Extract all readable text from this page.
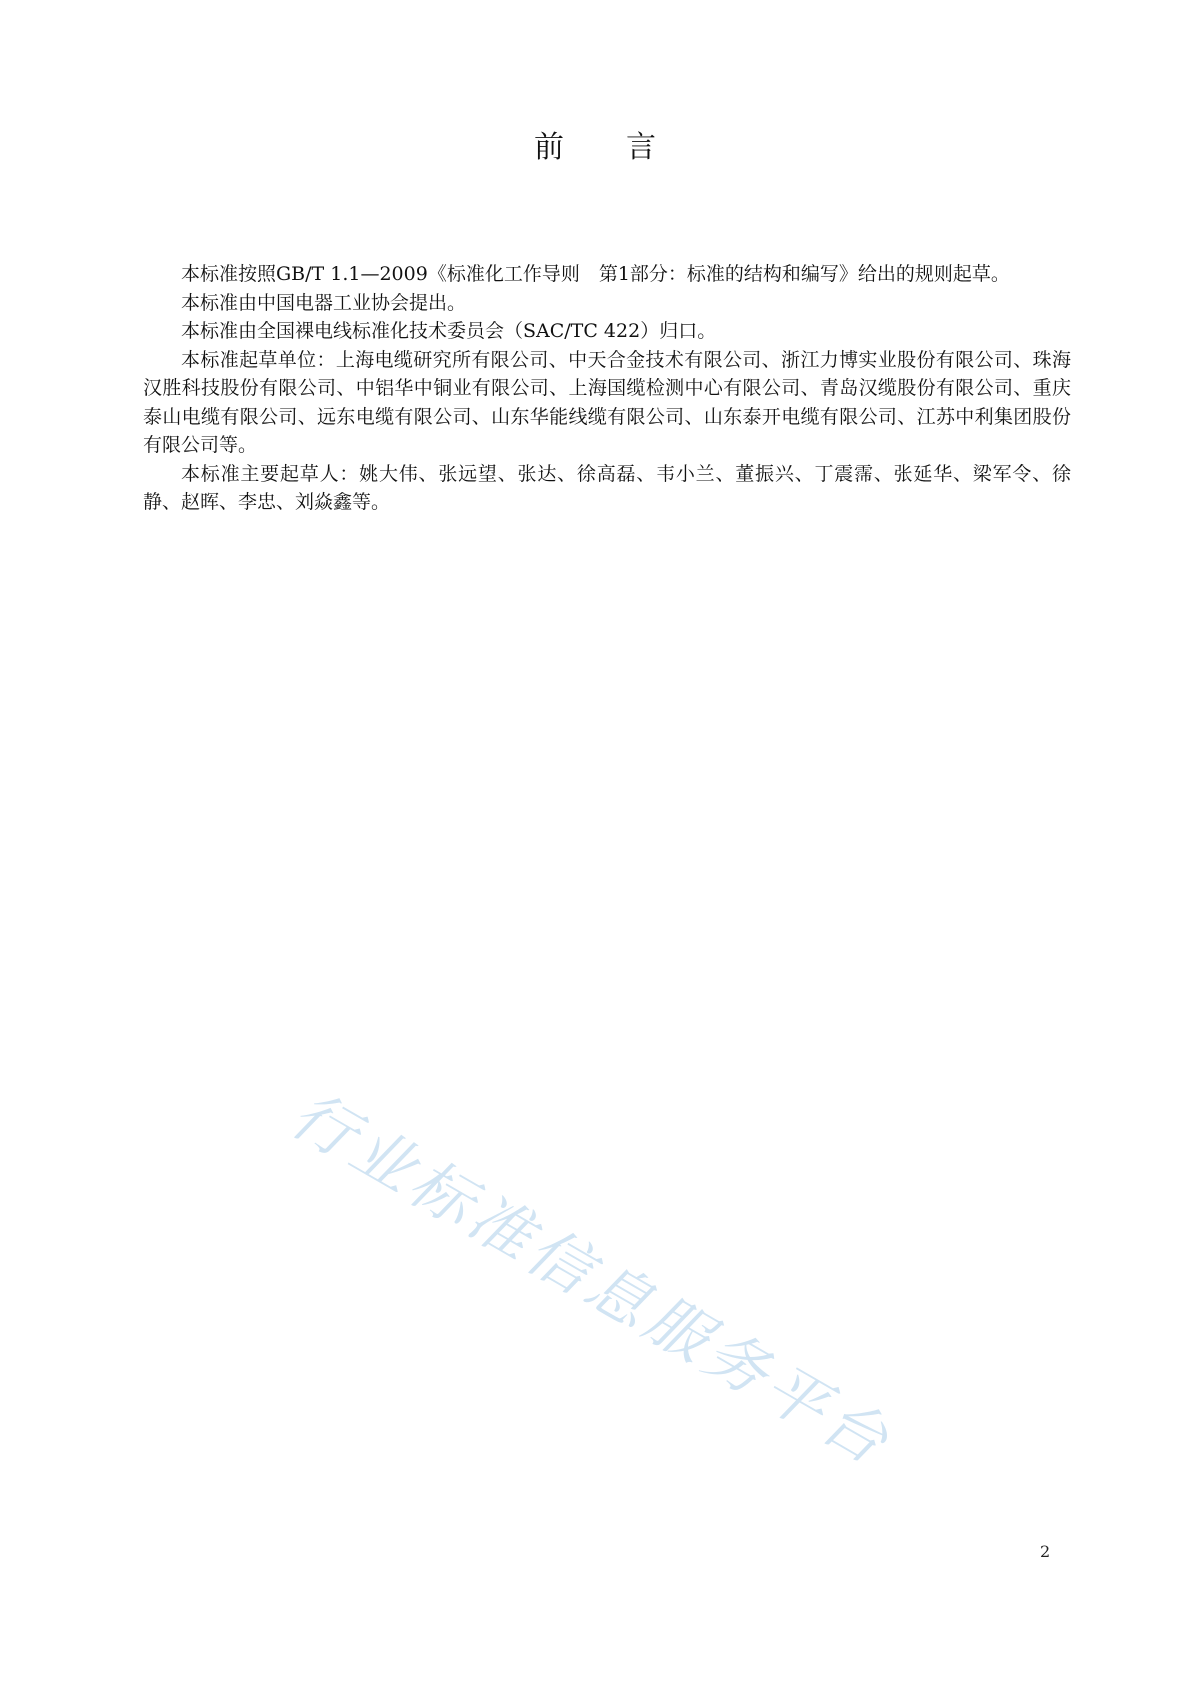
前言

本标准按照GB/T 1.1—2009《标准化工作导则　第1部分：标准的结构和编写》给出的规则起草。

本标准由中国电器工业协会提出。

本标准由全国裸电线标准化技术委员会（SAC/TC 422）归口。

本标准起草单位：上海电缆研究所有限公司、中天合金技术有限公司、浙江力博实业股份有限公司、珠海汉胜科技股份有限公司、中铝华中铜业有限公司、上海国缆检测中心有限公司、青岛汉缆股份有限公司、重庆泰山电缆有限公司、远东电缆有限公司、山东华能线缆有限公司、山东泰开电缆有限公司、江苏中利集团股份有限公司等。

本标准主要起草人：姚大伟、张远望、张达、徐高磊、韦小兰、董振兴、丁震霈、张延华、梁军令、徐静、赵晖、李忠、刘焱鑫等。

行业标准信息服务平台
2
